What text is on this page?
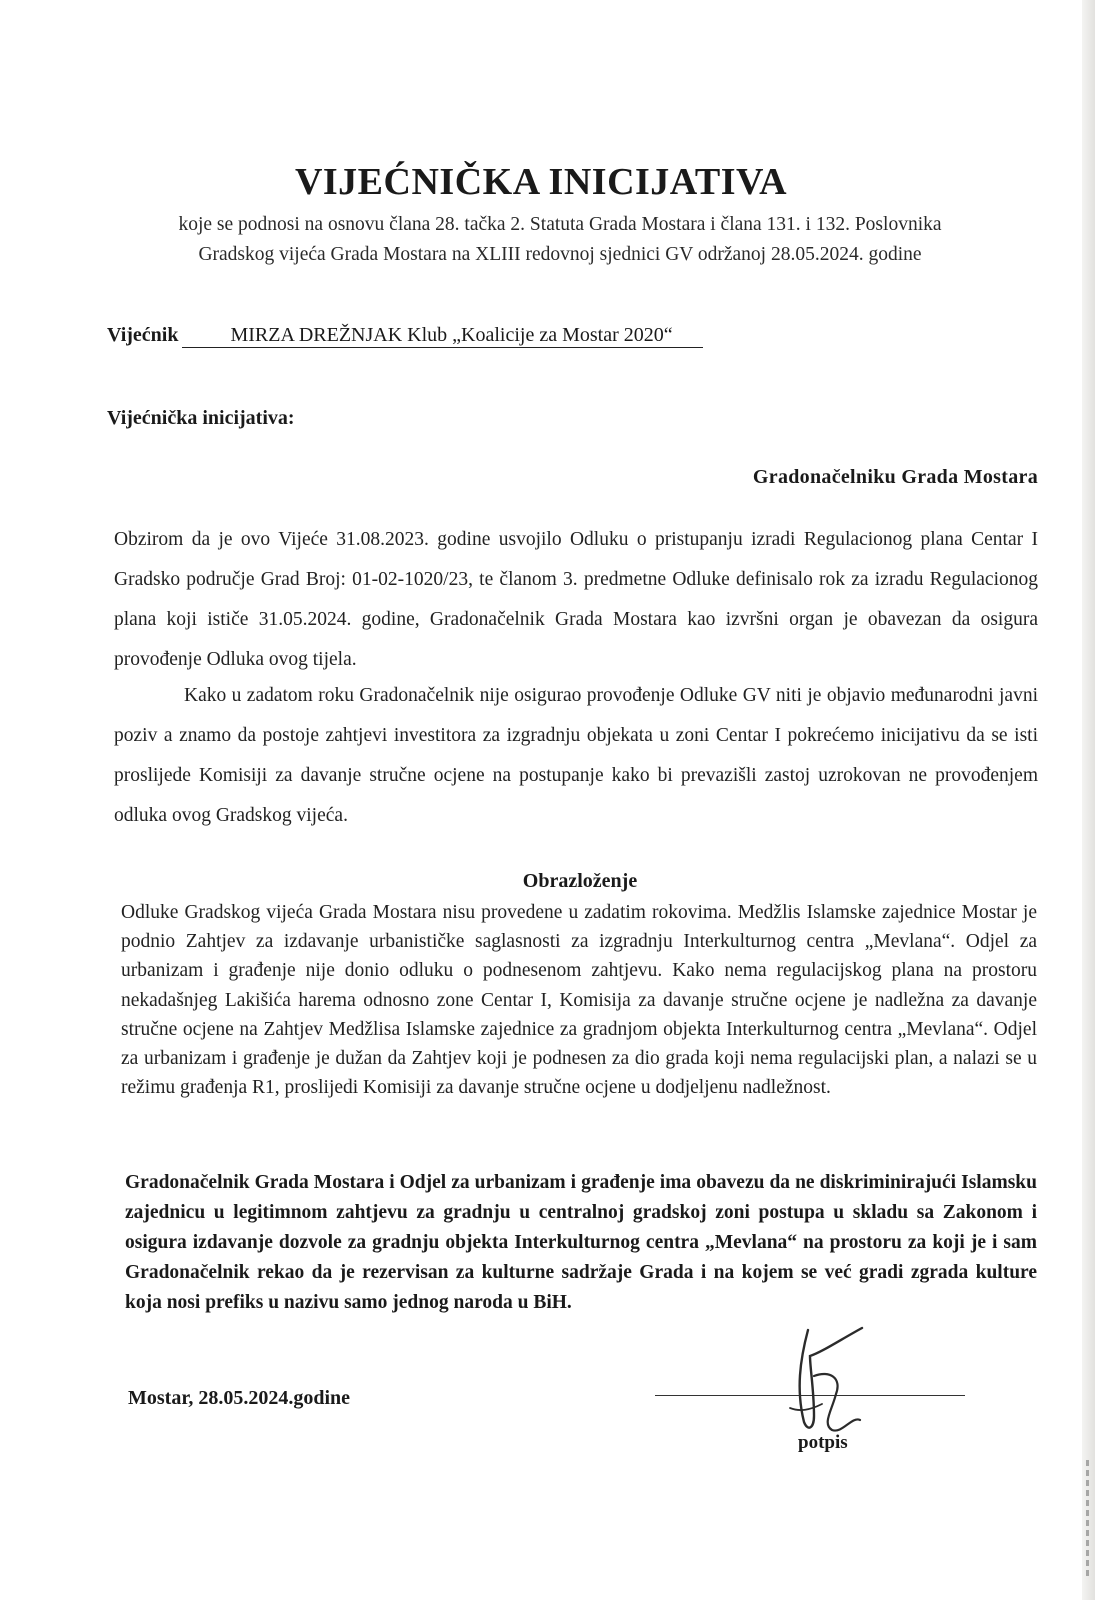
VIJEĆNIČKA INICIJATIVA
koje se podnosi na osnovu člana 28. tačka 2. Statuta Grada Mostara i člana 131. i 132. Poslovnika
Gradskog vijeća Grada Mostara na XLIII redovnoj sjednici GV održanoj 28.05.2024. godine
Vijećnik	MIRZA DREŽNJAK Klub „Koalicije za Mostar 2020“
Vijećnička inicijativa:
Gradonačelniku Grada Mostara

Obzirom da je ovo Vijeće 31.08.2023. godine usvojilo Odluku o pristupanju izradi Regulacionog plana Centar I Gradsko područje Grad Broj: 01-02-1020/23, te članom 3. predmetne Odluke definisalo rok za izradu Regulacionog plana koji ističe 31.05.2024. godine, Gradonačelnik Grada Mostara kao izvršni organ je obavezan da osigura provođenje Odluka ovog tijela.

Kako u zadatom roku Gradonačelnik nije osigurao provođenje Odluke GV niti je objavio međunarodni javni poziv a znamo da postoje zahtjevi investitora za izgradnju objekata u zoni Centar I pokrećemo inicijativu da se isti proslijede Komisiji za davanje stručne ocjene na postupanje kako bi prevazišli zastoj uzrokovan ne provođenjem odluka ovog Gradskog vijeća.

Obrazloženje

Odluke Gradskog vijeća Grada Mostara nisu provedene u zadatim rokovima. Medžlis Islamske zajednice Mostar je podnio Zahtjev za izdavanje urbanističke saglasnosti za izgradnju Interkulturnog centra „Mevlana“. Odjel za urbanizam i građenje nije donio odluku o podnesenom zahtjevu. Kako nema regulacijskog plana na prostoru nekadašnjeg Lakišića harema odnosno zone Centar I, Komisija za davanje stručne ocjene je nadležna za davanje stručne ocjene na Zahtjev Medžlisa Islamske zajednice za gradnjom objekta Interkulturnog centra „Mevlana“. Odjel za urbanizam i građenje je dužan da Zahtjev koji je podnesen za dio grada koji nema regulacijski plan, a nalazi se u režimu građenja R1, proslijedi Komisiji za davanje stručne ocjene u dodjeljenu nadležnost.

Gradonačelnik Grada Mostara i Odjel za urbanizam i građenje ima obavezu da ne diskriminirajući Islamsku zajednicu u legitimnom zahtjevu za gradnju u centralnoj gradskoj zoni postupa u skladu sa Zakonom i osigura izdavanje dozvole za gradnju objekta Interkulturnog centra „Mevlana“ na prostoru za koji je i sam Gradonačelnik rekao da je rezervisan za kulturne sadržaje Grada i na kojem se već gradi zgrada kulture koja nosi prefiks u nazivu samo jednog naroda u BiH.

Mostar, 28.05.2024.godine
potpis
